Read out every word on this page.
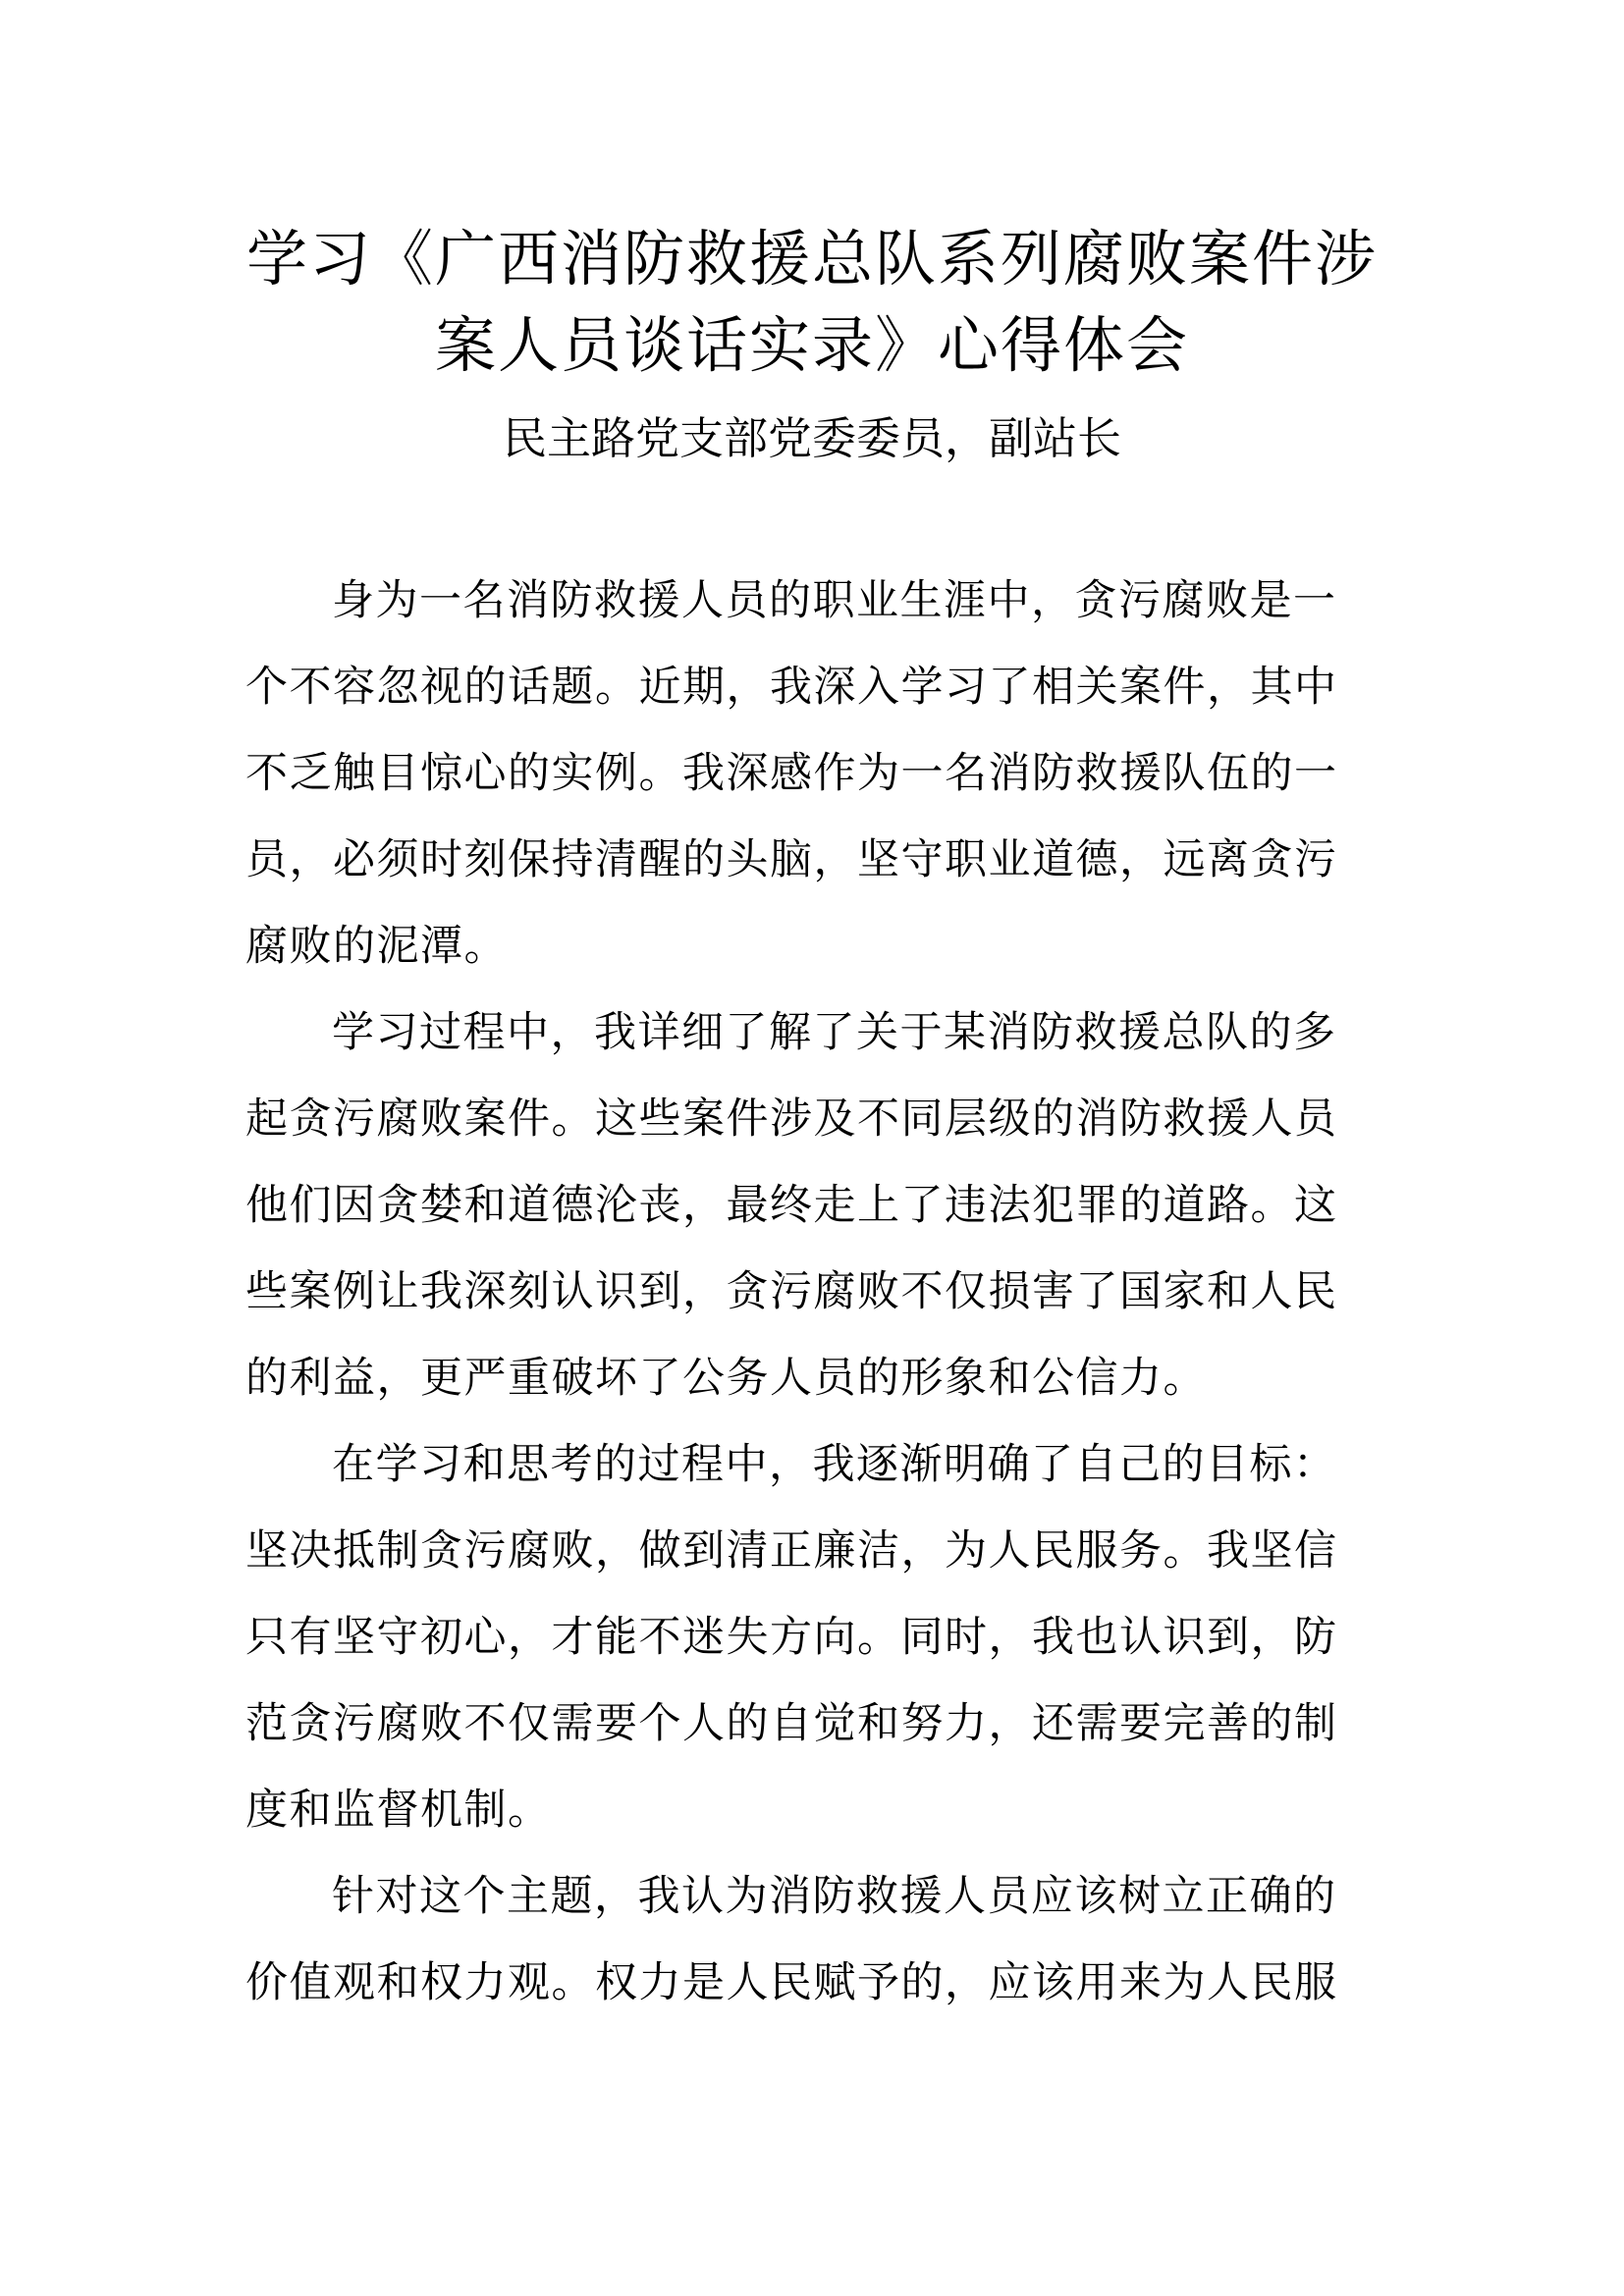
学习《广西消防救援总队系列腐败案件涉
案人员谈话实录》心得体会
民主路党支部党委委员，副站长
身为一名消防救援人员的职业生涯中，贪污腐败是一
个不容忽视的话题。近期，我深入学习了相关案件，其中
不乏触目惊心的实例。我深感作为一名消防救援队伍的一
员，必须时刻保持清醒的头脑，坚守职业道德，远离贪污
腐败的泥潭。
学习过程中，我详细了解了关于某消防救援总队的多
起贪污腐败案件。这些案件涉及不同层级的消防救援人员
他们因贪婪和道德沦丧，最终走上了违法犯罪的道路。这
些案例让我深刻认识到，贪污腐败不仅损害了国家和人民
的利益，更严重破坏了公务人员的形象和公信力。
在学习和思考的过程中，我逐渐明确了自己的目标：
坚决抵制贪污腐败，做到清正廉洁，为人民服务。我坚信
只有坚守初心，才能不迷失方向。同时，我也认识到，防
范贪污腐败不仅需要个人的自觉和努力，还需要完善的制
度和监督机制。
针对这个主题，我认为消防救援人员应该树立正确的
价值观和权力观。权力是人民赋予的，应该用来为人民服
